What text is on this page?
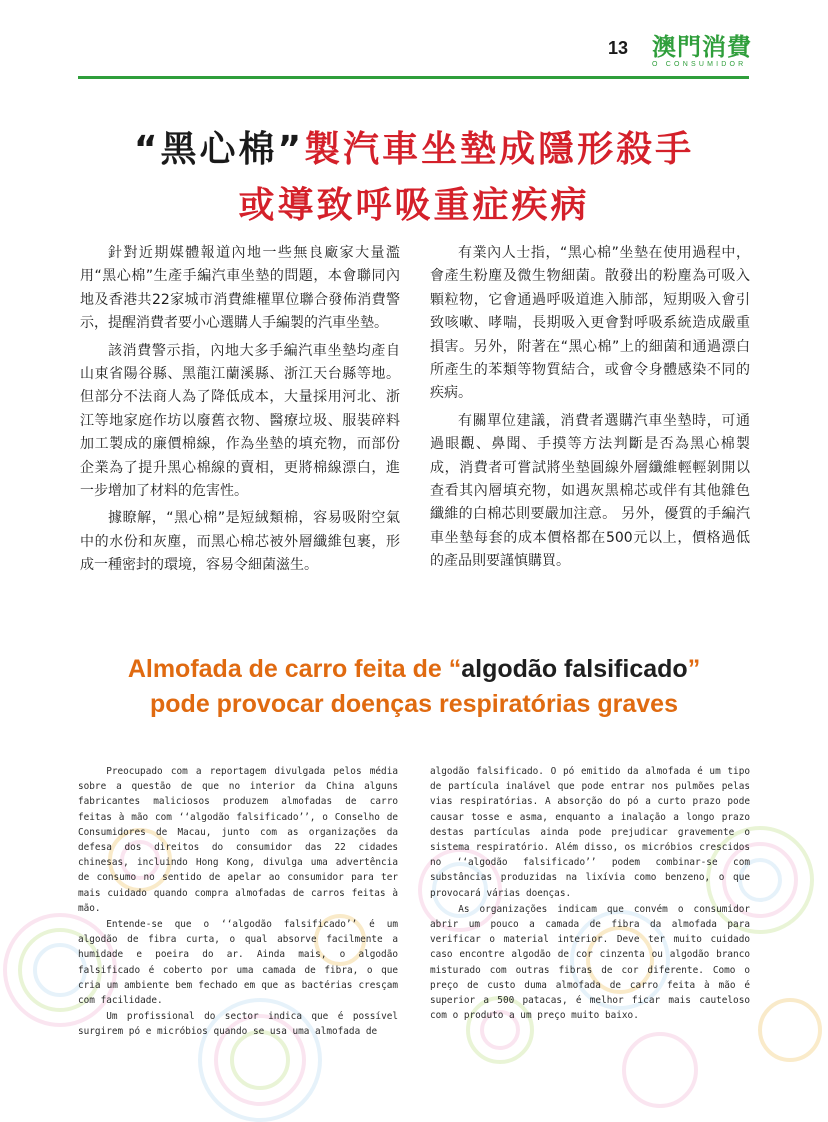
13 澳門消費
O CONSUMIDOR
“黑心棉”製汽車坐墊成隱形殺手
或導致呼吸重症疾病

針對近期媒體報道內地一些無良廠家大量濫用“黑心棉”生產手編汽車坐墊的問題，本會聯同內地及香港共22家城市消費維權單位聯合發佈消費警示，提醒消費者要小心選購人手編製的汽車坐墊。

該消費警示指，內地大多手編汽車坐墊均產自山東省陽谷縣、黑龍江蘭溪縣、浙江天台縣等地。但部分不法商人為了降低成本，大量採用河北、浙江等地家庭作坊以廢舊衣物、醫療垃圾、服裝碎料加工製成的廉價棉線，作為坐墊的填充物，而部份企業為了提升黑心棉線的賣相，更將棉線漂白，進一步增加了材料的危害性。

據瞭解，“黑心棉”是短絨類棉，容易吸附空氣中的水份和灰塵，而黑心棉芯被外層纖維包裹，形成一種密封的環境，容易令細菌滋生。

有業內人士指，“黑心棉”坐墊在使用過程中，會產生粉塵及微生物細菌。散發出的粉塵為可吸入顆粒物，它會通過呼吸道進入肺部，短期吸入會引致咳嗽、哮喘，長期吸入更會對呼吸系統造成嚴重損害。另外，附著在“黑心棉”上的細菌和通過漂白所產生的苯類等物質結合，或會令身體感染不同的疾病。

有關單位建議，消費者選購汽車坐墊時，可通過眼觀、鼻聞、手摸等方法判斷是否為黑心棉製成，消費者可嘗試將坐墊圓線外層纖維輕輕剝開以查看其內層填充物，如遇灰黑棉芯或伴有其他雜色纖維的白棉芯則要嚴加注意。 另外，優質的手編汽車坐墊每套的成本價格都在500元以上，價格過低的產品則要謹慎購買。

Almofada de carro feita de “algodão falsificado”
pode provocar doenças respiratórias graves

Preocupado com a reportagem divulgada pelos média sobre a questão de que no interior da China alguns fabricantes maliciosos produzem almofadas de carro feitas à mão com ‘‘algodão falsificado’’, o Conselho de Consumidores de Macau, junto com as organizações da defesa dos direitos do consumidor das 22 cidades chinesas, incluindo Hong Kong, divulga uma advertência de consumo no sentido de apelar ao consumidor para ter mais cuidado quando compra almofadas de carros feitas à mão.

Entende-se que o ‘‘algodão falsificado’’ é um algodão de fibra curta, o qual absorve facilmente a humidade e poeira do ar. Ainda mais, o algodão falsificado é coberto por uma camada de fibra, o que cria um ambiente bem fechado em que as bactérias cresçam com facilidade.

Um profissional do sector indica que é possível surgirem pó e micróbios quando se usa uma almofada de

algodão falsificado. O pó emitido da almofada é um tipo de partícula inalável que pode entrar nos pulmões pelas vias respiratórias. A absorção do pó a curto prazo pode causar tosse e asma, enquanto a inalação a longo prazo destas partículas ainda pode prejudicar gravemente o sistema respiratório. Além disso, os micróbios crescidos no ‘‘algodão falsificado’’ podem combinar-se com substâncias produzidas na lixívia como benzeno, o que provocará várias doenças.

As organizações indicam que convém o consumidor abrir um pouco a camada de fibra da almofada para verificar o material interior. Deve ter muito cuidado caso encontre algodão de cor cinzenta ou algodão branco misturado com outras fibras de cor diferente. Como o preço de custo duma almofada de carro feita à mão é superior a 500 patacas, é melhor ficar mais cauteloso com o produto a um preço muito baixo.
